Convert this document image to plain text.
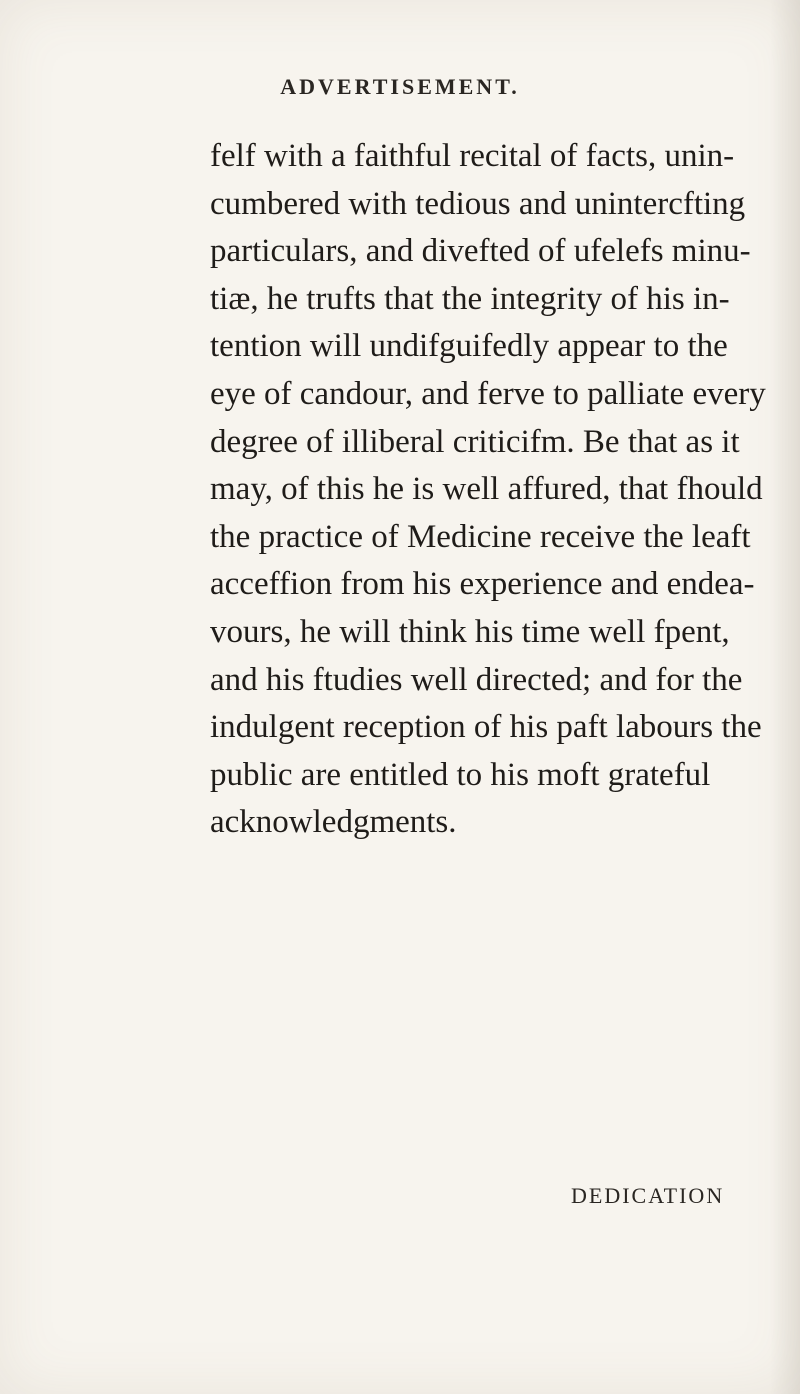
ADVERTISEMENT.
felf with a faithful recital of facts, unin-
cumbered with tedious and unintercfting
particulars, and divefted of ufelefs minu-
tiæ, he trufts that the integrity of his in-
tention will undifguifedly appear to the
eye of candour, and ferve to palliate every
degree of illiberal criticifm. Be that as it
may, of this he is well affured, that fhould
the practice of Medicine receive the leaft
acceffion from his experience and endea-
vours, he will think his time well fpent,
and his ftudies well directed; and for the
indulgent reception of his paft labours the
public are entitled to his moft grateful
acknowledgments.

DEDICATION
